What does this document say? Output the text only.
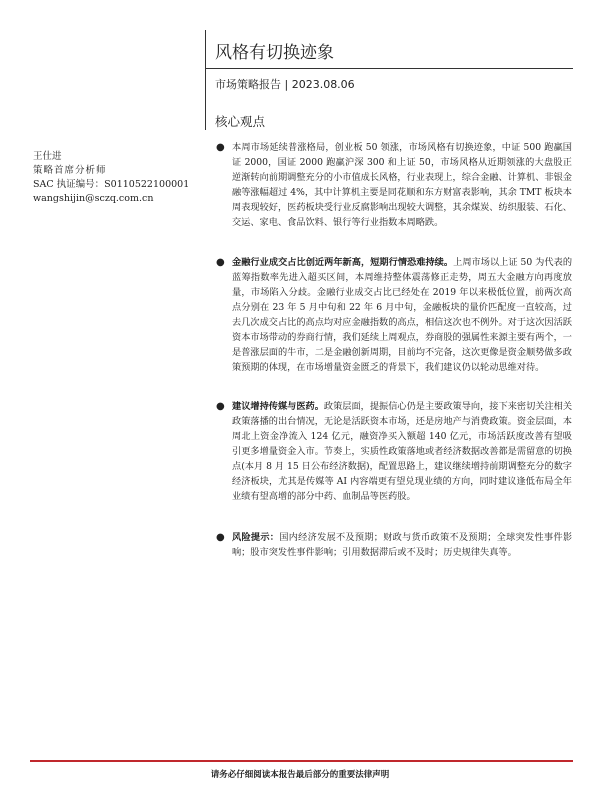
风格有切换迹象
市场策略报告 | 2023.08.06
核心观点
王仕进
策略首席分析师
SAC 执证编号：S0110522100001
wangshijin@sczq.com.cn
● 本周市场延续普涨格局，创业板 50 领涨，市场风格有切换迹象，中证 500 跑赢国证 2000，国证 2000 跑赢沪深 300 和上证 50，市场风格从近期领涨的大盘股正逆渐转向前期调整充分的小市值成长风格，行业表现上，综合金融、计算机、非银金融等涨幅超过 4%，其中计算机主要是同花顺和东方财富表影响，其余 TMT 板块本周表现较好，医药板块受行业反腐影响出现较大调整，其余煤炭、纺织服装、石化、交运、家电、食品饮料、银行等行业指数本周略跌。
● 金融行业成交占比创近两年新高，短期行情恐难持续。上周市场以上证 50 为代表的蓝筹指数率先进入超买区间，本周维持整体震荡修正走势，周五大金融方向再度放量，市场陷入分歧。金融行业成交占比已经处在 2019 年以来极低位置，前两次高点分别在 23 年 5 月中旬和 22 年 6 月中旬，金融板块的量价匹配度一直较高，过去几次成交占比的高点均对应金融指数的高点，相信这次也不例外。对于这次因活跃资本市场带动的券商行情，我们延续上周观点，券商股的强属性来源主要有两个，一是普涨层面的牛市，二是金融创新周期，目前均不完备，这次更像是资金顺势做多政策预期的体现，在市场增量资金匮乏的背景下，我们建议仍以轮动思维对待。
● 建议增持传媒与医药。政策层面，提振信心仍是主要政策导向，接下来密切关注相关政策落播的出台情况，无论是活跃资本市场，还是房地产与消费政策。资金层面，本周北上资金净流入 124 亿元，融资净买入额超 140 亿元，市场活跃度改善有望吸引更多增量资金入市。节奏上，实质性政策落地或者经济数据改善都是需留意的切换点(本月 8 月 15 日公布经济数据)，配置思路上，建议继续增持前期调整充分的数字经济板块，尤其是传媒等 AI 内容端更有望兑现业绩的方向，同时建议逢低布局全年业绩有望高增的部分中药、血制品等医药股。
● 风险提示：国内经济发展不及预期；财政与货币政策不及预期；全球突发性事件影响；股市突发性事件影响；引用数据滞后或不及时；历史规律失真等。
请务必仔细阅读本报告最后部分的重要法律声明
